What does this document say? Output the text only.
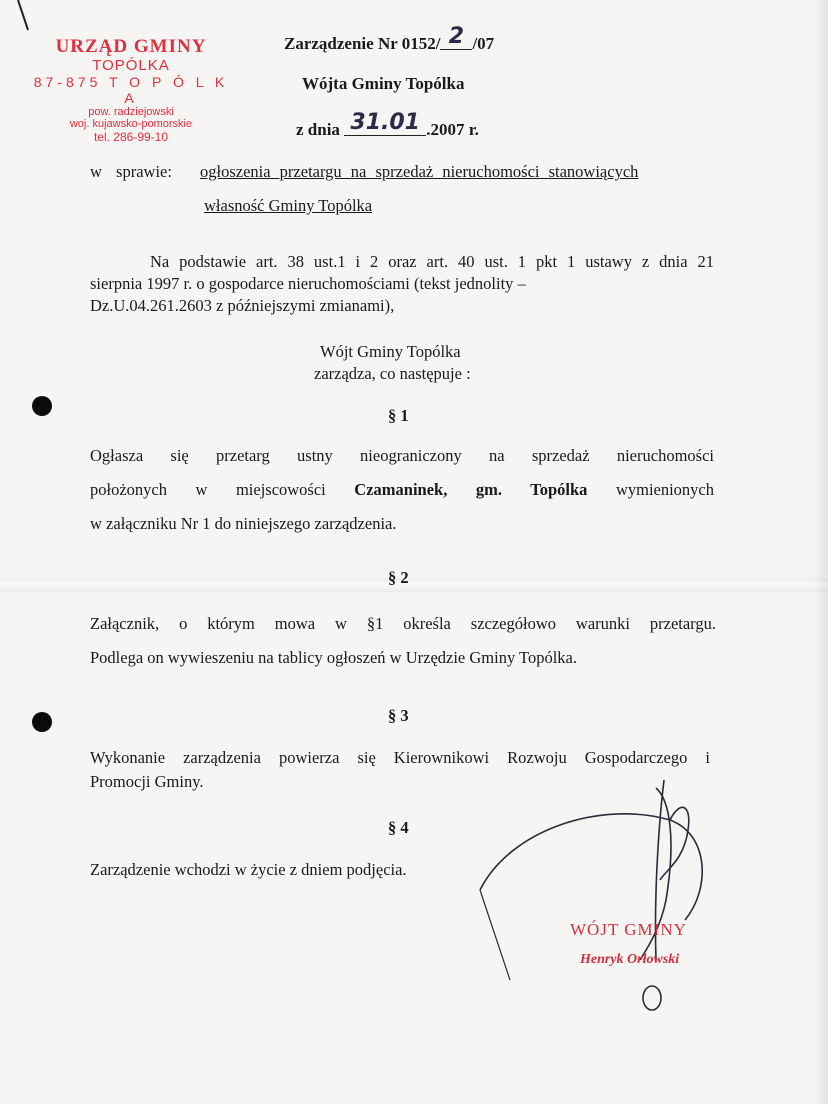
URZĄD GMINY
TOPÓLKA
87-875 T O P Ó L K A
pow. radziejowski
woj. kujawsko-pomorskie
tel. 286-99-10
Zarządzenie Nr 0152/ 2 /07
Wójta Gminy Topólka
z dnia 31.01 .2007 r.
w sprawie: ogłoszenia przetargu na sprzedaż nieruchomości stanowiących
własność Gminy Topólka
Na podstawie art. 38 ust.1 i 2 oraz art. 40 ust. 1 pkt 1 ustawy z dnia 21
sierpnia 1997 r. o gospodarce nieruchomościami (tekst jednolity –
Dz.U.04.261.2603 z późniejszymi zmianami),
Wójt Gminy Topólka
zarządza, co następuje :
§ 1
Ogłasza się przetarg ustny nieograniczony na sprzedaż nieruchomości
położonych w miejscowości Czamaninek, gm. Topólka wymienionych
w załączniku Nr 1 do niniejszego zarządzenia.
§ 2
Załącznik, o którym mowa w §1 określa szczegółowo warunki przetargu.
Podlega on wywieszeniu na tablicy ogłoszeń w Urzędzie Gminy Topólka.
§ 3
Wykonanie zarządzenia powierza się Kierownikowi Rozwoju Gospodarczego i
Promocji Gminy.
§ 4
Zarządzenie wchodzi w życie z dniem podjęcia.
WÓJT GMINY
Henryk Orłowski
